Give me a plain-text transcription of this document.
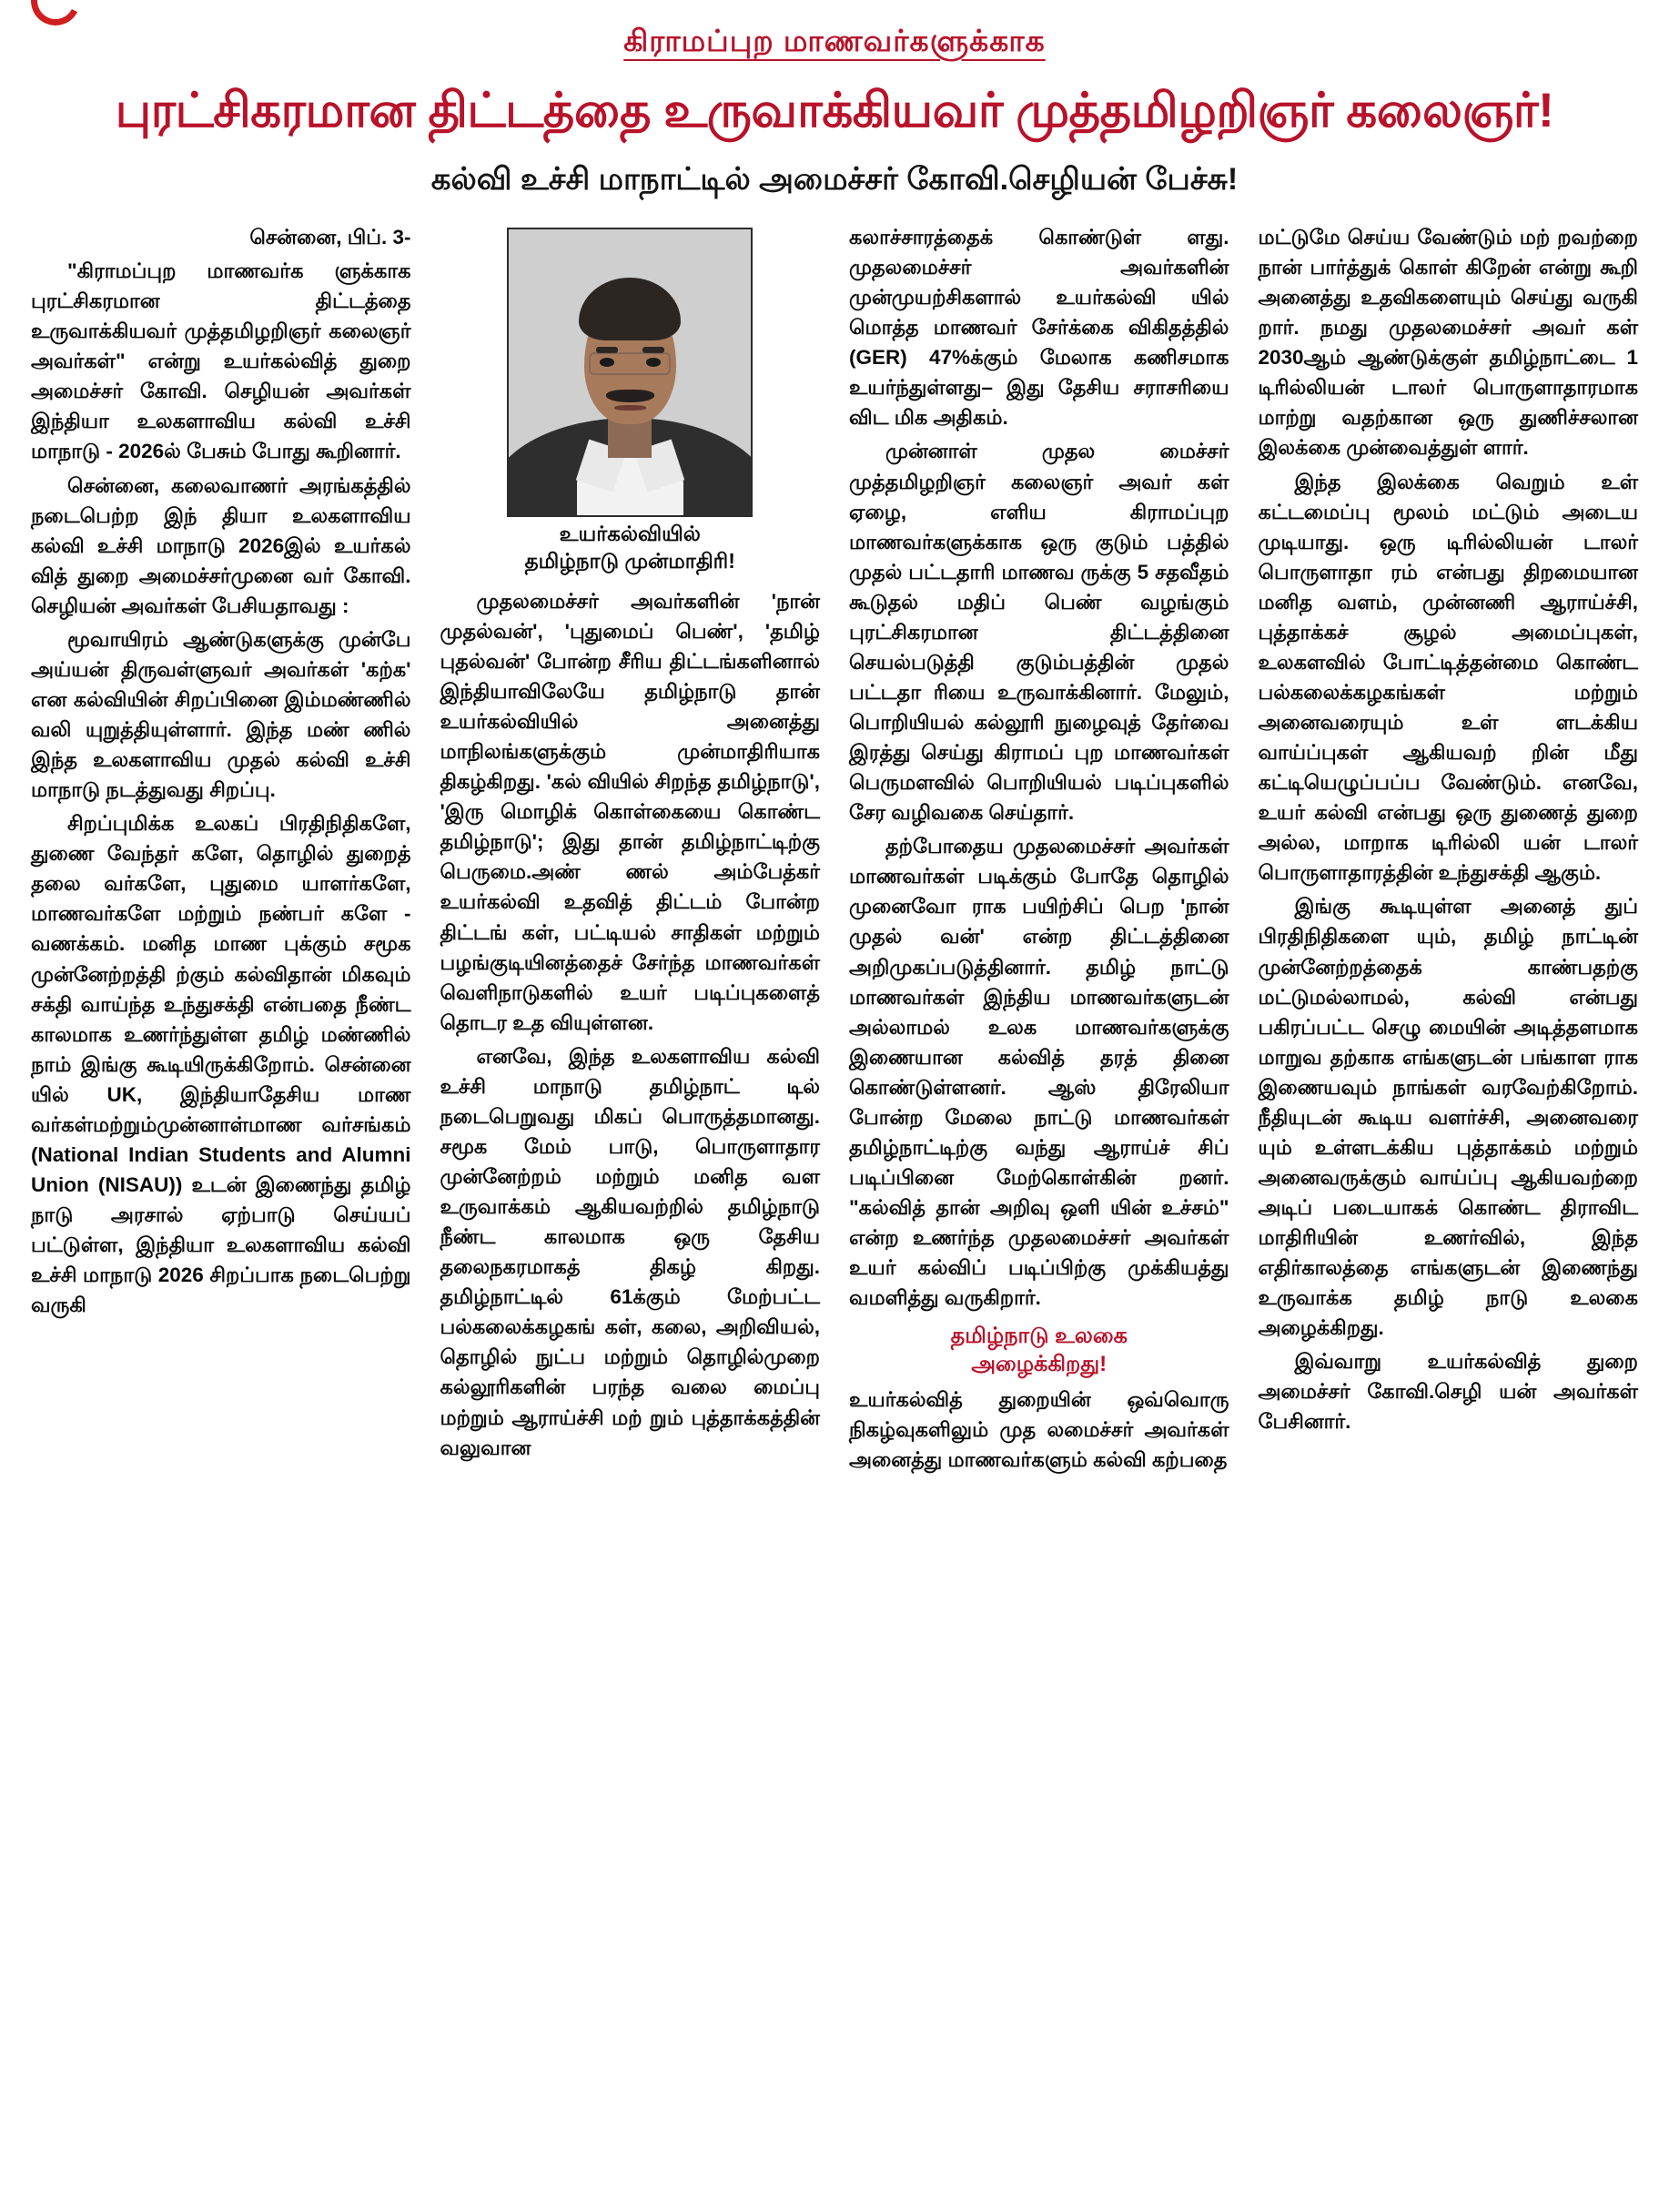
கிராமப்புற மாணவர்களுக்காக
புரட்சிகரமான திட்டத்தை உருவாக்கியவர் முத்தமிழறிஞர் கலைஞர்!
கல்வி உச்சி மாநாட்டில் அமைச்சர் கோவி.செழியன் பேச்சு!

சென்னை, பிப். 3-

"கிராமப்புற மாணவர்க ளுக்காக புரட்சிகரமான திட்டத்தை உருவாக்கியவர் முத்தமிழறிஞர் கலைஞர் அவர்கள்" என்று உயர்கல்வித் துறை அமைச்சர் கோவி. செழியன் அவர்கள் இந்தியா உலகளாவிய கல்வி உச்சி மாநாடு - 2026ல் பேசும் போது கூறினார்.

சென்னை, கலைவாணர் அரங்கத்தில் நடைபெற்ற இந் தியா உலகளாவிய கல்வி உச்சி மாநாடு 2026இல் உயர்கல் வித் துறை அமைச்சர்முனை வர் கோவி. செழியன் அவர்கள் பேசியதாவது :

மூவாயிரம் ஆண்டுகளுக்கு முன்பே அய்யன் திருவள்ளுவர் அவர்கள் 'கற்க' என கல்வியின் சிறப்பினை இம்மண்ணில் வலி யுறுத்தியுள்ளார். இந்த மண் ணில் இந்த உலகளாவிய முதல் கல்வி உச்சி மாநாடு நடத்துவது சிறப்பு.

சிறப்புமிக்க உலகப் பிரதிநிதிகளே, துணை வேந்தர் களே, தொழில் துறைத் தலை வர்களே, புதுமை யாளர்களே, மாணவர்களே மற்றும் நண்பர் களே - வணக்கம். மனித மாண புக்கும் சமூக முன்னேற்றத்தி ற்கும் கல்விதான் மிகவும் சக்தி வாய்ந்த உந்துசக்தி என்பதை நீண்ட காலமாக உணர்ந்துள்ள தமிழ் மண்ணில் நாம் இங்கு கூடியிருக்கிறோம். சென்னை யில் UK, இந்தியாதேசிய மாண வர்கள்மற்றும்முன்னாள்மாண வர்சங்கம் (National Indian Students and Alumni Union (NISAU)) உடன் இணைந்து தமிழ் நாடு அரசால் ஏற்பாடு செய்யப் பட்டுள்ள, இந்தியா உலகளாவிய கல்வி உச்சி மாநாடு 2026 சிறப்பாக நடைபெற்று வருகி

உயர்கல்வியில்
தமிழ்நாடு முன்மாதிரி!

முதலமைச்சர் அவர்களின் 'நான் முதல்வன்', 'புதுமைப் பெண்', 'தமிழ் புதல்வன்' போன்ற சீரிய திட்டங்களினால் இந்தியாவிலேயே தமிழ்நாடு தான் உயர்கல்வியில் அனைத்து மாநிலங்களுக்கும் முன்மாதிரியாக திகழ்கிறது. 'கல் வியில் சிறந்த தமிழ்நாடு', 'இரு மொழிக் கொள்கையை கொண்ட தமிழ்நாடு'; இது தான் தமிழ்நாட்டிற்கு பெருமை.அண் ணல் அம்பேத்கர் உயர்கல்வி உதவித் திட்டம் போன்ற திட்டங் கள், பட்டியல் சாதிகள் மற்றும் பழங்குடியினத்தைச் சேர்ந்த மாணவர்கள் வெளிநாடுகளில் உயர் படிப்புகளைத் தொடர உத வியுள்ளன.

எனவே, இந்த உலகளாவிய கல்வி உச்சி மாநாடு தமிழ்நாட் டில் நடைபெறுவது மிகப் பொருத்தமானது. சமூக மேம் பாடு, பொருளாதார முன்னேற்றம் மற்றும் மனித வள உருவாக்கம் ஆகியவற்றில் தமிழ்நாடு நீண்ட காலமாக ஒரு தேசிய தலைநகரமாகத் திகழ் கிறது. தமிழ்நாட்டில் 61க்கும் மேற்பட்ட பல்கலைக்கழகங் கள், கலை, அறிவியல், தொழில் நுட்ப மற்றும் தொழில்முறை கல்லூரிகளின் பரந்த வலை மைப்பு மற்றும் ஆராய்ச்சி மற் றும் புத்தாக்கத்தின் வலுவான

கலாச்சாரத்தைக் கொண்டுள் ளது. முதலமைச்சர் அவர்களின் முன்முயற்சிகளால் உயர்கல்வி யில் மொத்த மாணவர் சேர்க்கை விகிதத்தில் (GER) 47%க்கும் மேலாக கணிசமாக உயர்ந்துள்ளது– இது தேசிய சராசரியை விட மிக அதிகம்.

முன்னாள் முதல மைச்சர் முத்தமிழறிஞர் கலைஞர் அவர் கள் ஏழை, எளிய கிராமப்புற மாணவர்களுக்காக ஒரு குடும் பத்தில் முதல் பட்டதாரி மாணவ ருக்கு 5 சதவீதம் கூடுதல் மதிப் பெண் வழங்கும் புரட்சிகரமான திட்டத்தினை செயல்படுத்தி குடும்பத்தின் முதல் பட்டதா ரியை உருவாக்கினார். மேலும், பொறியியல் கல்லூரி நுழைவுத் தேர்வை இரத்து செய்து கிராமப் புற மாணவர்கள் பெருமளவில் பொறியியல் படிப்புகளில் சேர வழிவகை செய்தார்.

தற்போதைய முதலமைச்சர் அவர்கள் மாணவர்கள் படிக்கும் போதே தொழில் முனைவோ ராக பயிற்சிப் பெற 'நான் முதல் வன்' என்ற திட்டத்தினை அறிமுகப்படுத்தினார். தமிழ் நாட்டு மாணவர்கள் இந்திய மாணவர்களுடன் அல்லாமல் உலக மாணவர்களுக்கு இணையான கல்வித் தரத் தினை கொண்டுள்ளனர். ஆஸ் திரேலியா போன்ற மேலை நாட்டு மாணவர்கள் தமிழ்நாட்டிற்கு வந்து ஆராய்ச் சிப் படிப்பினை மேற்கொள்கின் றனர். "கல்வித் தான் அறிவு ஒளி யின் உச்சம்" என்ற உணர்ந்த முதலமைச்சர் அவர்கள் உயர் கல்விப் படிப்பிற்கு முக்கியத்து வமளித்து வருகிறார்.

தமிழ்நாடு உலகை
அழைக்கிறது!

உயர்கல்வித் துறையின் ஒவ்வொரு நிகழ்வுகளிலும் முத லமைச்சர் அவர்கள் அனைத்து மாணவர்களும் கல்வி கற்பதை

மட்டுமே செய்ய வேண்டும் மற் றவற்றை நான் பார்த்துக் கொள் கிறேன் என்று கூறி அனைத்து உதவிகளையும் செய்து வருகி றார். நமது முதலமைச்சர் அவர் கள் 2030ஆம் ஆண்டுக்குள் தமிழ்நாட்டை 1 டிரில்லியன் டாலர் பொருளாதாரமாக மாற்று வதற்கான ஒரு துணிச்சலான இலக்கை முன்வைத்துள் ளார்.

இந்த இலக்கை வெறும் உள் கட்டமைப்பு மூலம் மட்டும் அடைய முடியாது. ஒரு டிரில்லியன் டாலர் பொருளாதா ரம் என்பது திறமையான மனித வளம், முன்னணி ஆராய்ச்சி, புத்தாக்கச் சூழல் அமைப்புகள், உலகளவில் போட்டித்தன்மை கொண்ட பல்கலைக்கழகங்கள் மற்றும் அனைவரையும் உள் ளடக்கிய வாய்ப்புகள் ஆகியவற் றின் மீது கட்டியெழுப்பப்ப வேண்டும். எனவே, உயர் கல்வி என்பது ஒரு துணைத் துறை அல்ல, மாறாக டிரில்லி யன் டாலர் பொருளாதாரத்தின் உந்துசக்தி ஆகும்.

இங்கு கூடியுள்ள அனைத் துப் பிரதிநிதிகளை யும், தமிழ் நாட்டின் முன்னேற்றத்தைக் காண்பதற்கு மட்டுமல்லாமல், கல்வி என்பது பகிரப்பட்ட செழு மையின் அடித்தளமாக மாறுவ தற்காக எங்களுடன் பங்காள ராக இணையவும் நாங்கள் வரவேற்கிறோம். நீதியுடன் கூடிய வளர்ச்சி, அனைவரை யும் உள்ளடக்கிய புத்தாக்கம் மற்றும் அனைவருக்கும் வாய்ப்பு ஆகியவற்றை அடிப் படையாகக் கொண்ட திராவிட மாதிரியின் உணர்வில், இந்த எதிர்காலத்தை எங்களுடன் இணைந்து உருவாக்க தமிழ் நாடு உலகை அழைக்கிறது.

இவ்வாறு உயர்கல்வித் துறை அமைச்சர் கோவி.செழி யன் அவர்கள் பேசினார்.
